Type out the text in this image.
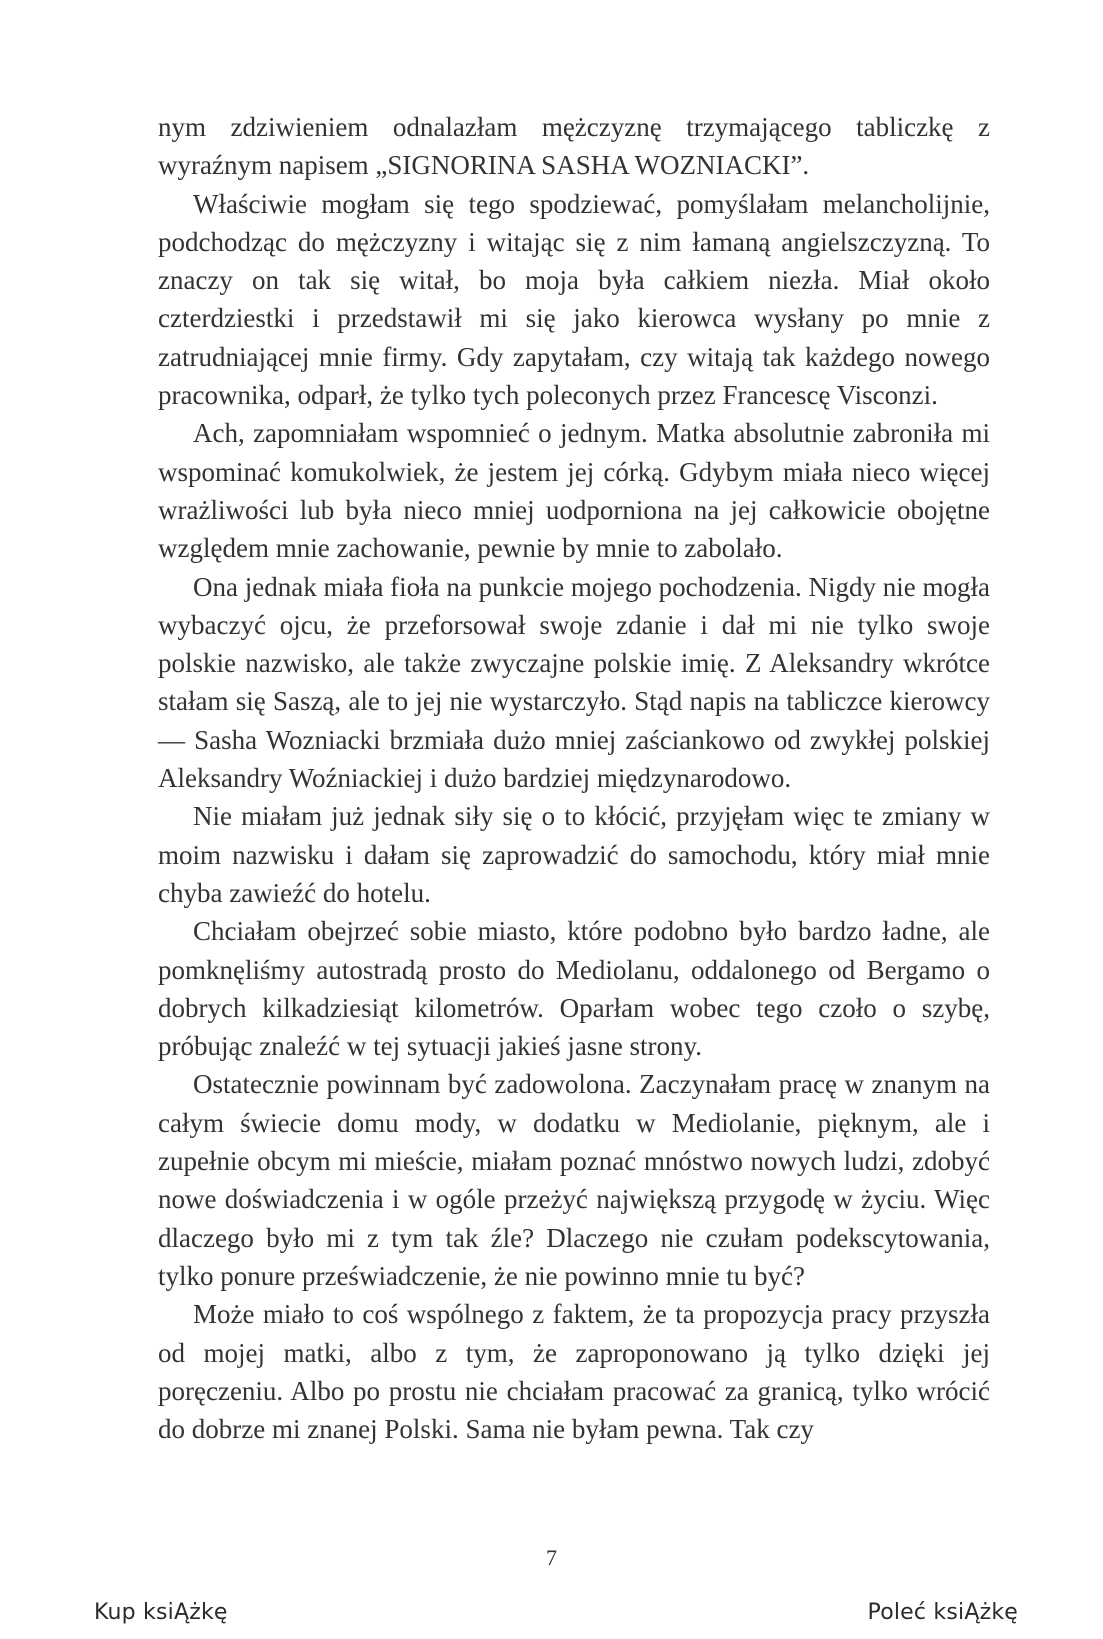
nym zdziwieniem odnalazłam mężczyznę trzymającego tabliczkę z wyraźnym napisem „SIGNORINA SASHA WOZNIACKI”.

Właściwie mogłam się tego spodziewać, pomyślałam melancholijnie, podchodząc do mężczyzny i witając się z nim łamaną angielszczyzną. To znaczy on tak się witał, bo moja była całkiem niezła. Miał około czterdziestki i przedstawił mi się jako kierowca wysłany po mnie z zatrudniającej mnie firmy. Gdy zapytałam, czy witają tak każdego nowego pracownika, odparł, że tylko tych poleconych przez Francescę Visconzi.

Ach, zapomniałam wspomnieć o jednym. Matka absolutnie zabroniła mi wspominać komukolwiek, że jestem jej córką. Gdybym miała nieco więcej wrażliwości lub była nieco mniej uodporniona na jej całkowicie obojętne względem mnie zachowanie, pewnie by mnie to zabolało.

Ona jednak miała fioła na punkcie mojego pochodzenia. Nigdy nie mogła wybaczyć ojcu, że przeforsował swoje zdanie i dał mi nie tylko swoje polskie nazwisko, ale także zwyczajne polskie imię. Z Aleksandry wkrótce stałam się Saszą, ale to jej nie wystarczyło. Stąd napis na tabliczce kierowcy — Sasha Wozniacki brzmiała dużo mniej zaściankowo od zwykłej polskiej Aleksandry Woźniackiej i dużo bardziej międzynarodowo.

Nie miałam już jednak siły się o to kłócić, przyjęłam więc te zmiany w moim nazwisku i dałam się zaprowadzić do samochodu, który miał mnie chyba zawieźć do hotelu.

Chciałam obejrzeć sobie miasto, które podobno było bardzo ładne, ale pomknęliśmy autostradą prosto do Mediolanu, oddalonego od Bergamo o dobrych kilkadziesiąt kilometrów. Oparłam wobec tego czoło o szybę, próbując znaleźć w tej sytuacji jakieś jasne strony.

Ostatecznie powinnam być zadowolona. Zaczynałam pracę w znanym na całym świecie domu mody, w dodatku w Mediolanie, pięknym, ale i zupełnie obcym mi mieście, miałam poznać mnóstwo nowych ludzi, zdobyć nowe doświadczenia i w ogóle przeżyć największą przygodę w życiu. Więc dlaczego było mi z tym tak źle? Dlaczego nie czułam podekscytowania, tylko ponure przeświadczenie, że nie powinno mnie tu być?

Może miało to coś wspólnego z faktem, że ta propozycja pracy przyszła od mojej matki, albo z tym, że zaproponowano ją tylko dzięki jej poręczeniu. Albo po prostu nie chciałam pracować za granicą, tylko wrócić do dobrze mi znanej Polski. Sama nie byłam pewna. Tak czy

7
Kup ksiĄżkę	Poleć ksiĄżkę
